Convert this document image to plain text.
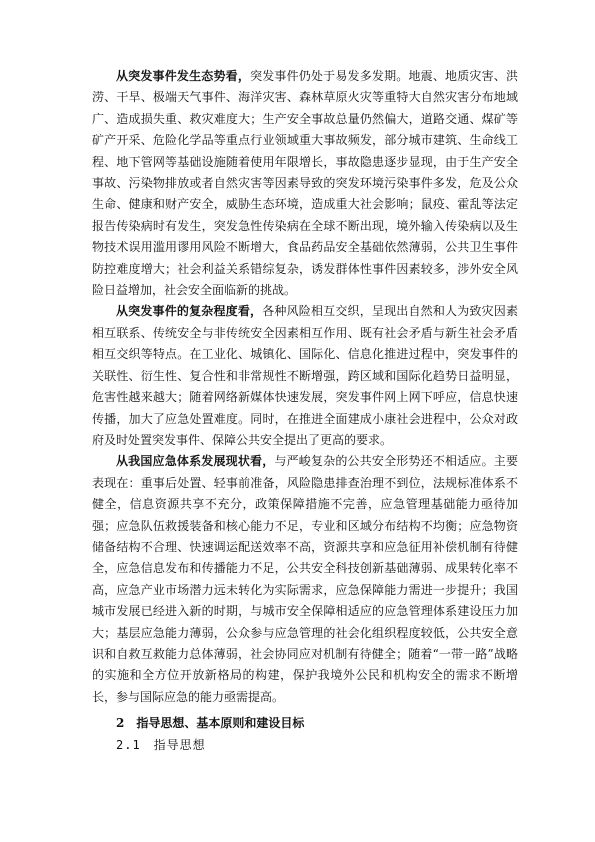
从突发事件发生态势看，突发事件仍处于易发多发期。地震、地质灾害、洪涝、干旱、极端天气事件、海洋灾害、森林草原火灾等重特大自然灾害分布地域广、造成损失重、救灾难度大；生产安全事故总量仍然偏大，道路交通、煤矿等矿产开采、危险化学品等重点行业领域重大事故频发，部分城市建筑、生命线工程、地下管网等基础设施随着使用年限增长，事故隐患逐步显现，由于生产安全事故、污染物排放或者自然灾害等因素导致的突发环境污染事件多发，危及公众生命、健康和财产安全，威胁生态环境，造成重大社会影响；鼠疫、霍乱等法定报告传染病时有发生，突发急性传染病在全球不断出现，境外输入传染病以及生物技术误用滥用谬用风险不断增大，食品药品安全基础依然薄弱，公共卫生事件防控难度增大；社会利益关系错综复杂，诱发群体性事件因素较多，涉外安全风险日益增加，社会安全面临新的挑战。

从突发事件的复杂程度看，各种风险相互交织，呈现出自然和人为致灾因素相互联系、传统安全与非传统安全因素相互作用、既有社会矛盾与新生社会矛盾相互交织等特点。在工业化、城镇化、国际化、信息化推进过程中，突发事件的关联性、衍生性、复合性和非常规性不断增强，跨区域和国际化趋势日益明显，危害性越来越大；随着网络新媒体快速发展，突发事件网上网下呼应，信息快速传播，加大了应急处置难度。同时，在推进全面建成小康社会进程中，公众对政府及时处置突发事件、保障公共安全提出了更高的要求。

从我国应急体系发展现状看，与严峻复杂的公共安全形势还不相适应。主要表现在：重事后处置、轻事前准备，风险隐患排查治理不到位，法规标准体系不健全，信息资源共享不充分，政策保障措施不完善，应急管理基础能力亟待加强；应急队伍救援装备和核心能力不足，专业和区域分布结构不均衡；应急物资储备结构不合理、快速调运配送效率不高，资源共享和应急征用补偿机制有待健全，应急信息发布和传播能力不足，公共安全科技创新基础薄弱、成果转化率不高，应急产业市场潜力远未转化为实际需求，应急保障能力需进一步提升；我国城市发展已经进入新的时期，与城市安全保障相适应的应急管理体系建设压力加大；基层应急能力薄弱，公众参与应急管理的社会化组织程度较低，公共安全意识和自救互救能力总体薄弱，社会协同应对机制有待健全；随着“一带一路”战略的实施和全方位开放新格局的构建，保护我境外公民和机构安全的需求不断增长，参与国际应急的能力亟需提高。

2　指导思想、基本原则和建设目标
2.1　指导思想
